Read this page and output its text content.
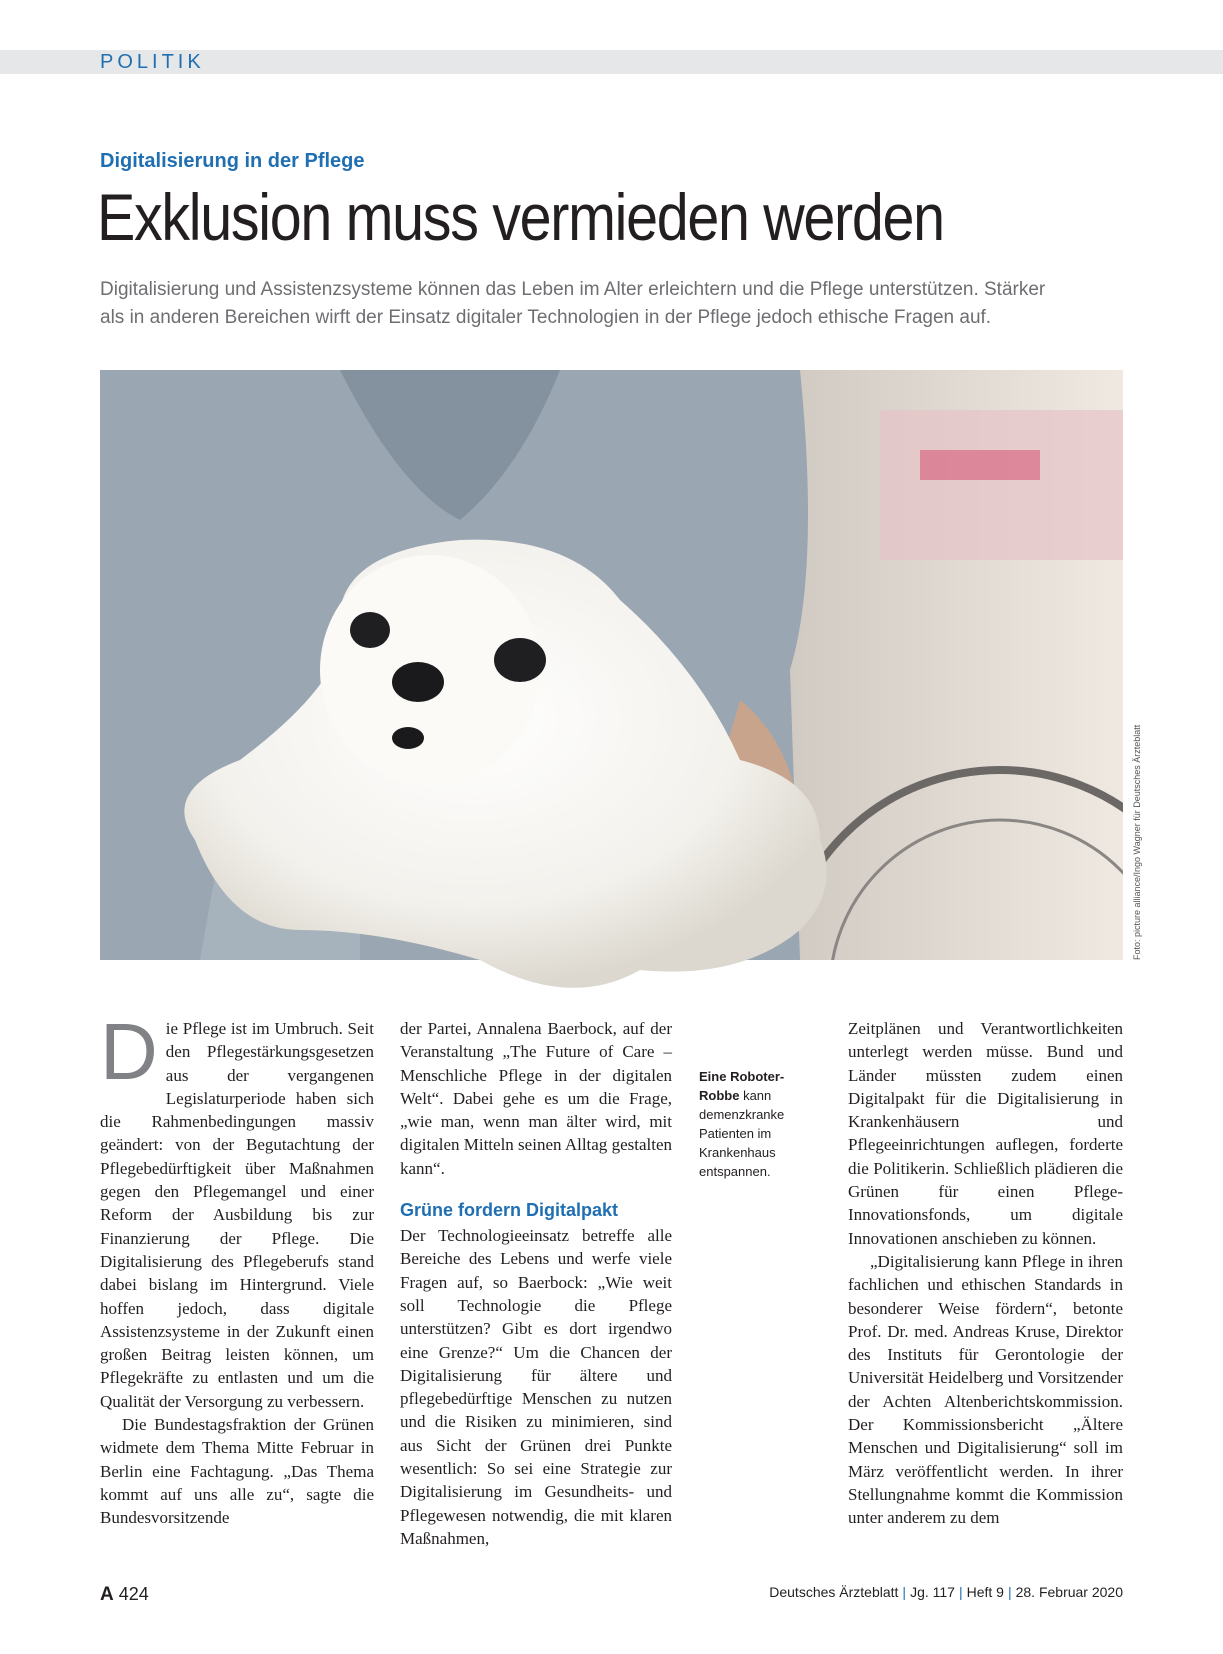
POLITIK
Digitalisierung in der Pflege
Exklusion muss vermieden werden
Digitalisierung und Assistenzsysteme können das Leben im Alter erleichtern und die Pflege unterstützen. Stärker
als in anderen Bereichen wirft der Einsatz digitaler Technologien in der Pflege jedoch ethische Fragen auf.
Foto: picture alliance/Ingo Wagner für Deutsches Ärzteblatt
D ie Pflege ist im Umbruch. Seit den Pflegestärkungsgesetzen aus der vergangenen Legislaturperiode haben sich die Rahmenbedingungen massiv geändert: von der Begutachtung der Pflegebedürftigkeit über Maßnahmen gegen den Pflegemangel und einer Reform der Ausbildung bis zur Finanzierung der Pflege. Die Digitalisierung des Pflegeberufs stand dabei bislang im Hintergrund. Viele hoffen jedoch, dass digitale Assistenzsysteme in der Zukunft einen großen Beitrag leisten können, um Pflegekräfte zu entlasten und um die Qualität der Versorgung zu verbessern.

Die Bundestagsfraktion der Grünen widmete dem Thema Mitte Februar in Berlin eine Fachtagung. „Das Thema kommt auf uns alle zu“, sagte die Bundesvorsitzende

der Partei, Annalena Baerbock, auf der Veranstaltung „The Future of Care – Menschliche Pflege in der digitalen Welt“. Dabei gehe es um die Frage, „wie man, wenn man älter wird, mit digitalen Mitteln seinen Alltag gestalten kann“.

Grüne fordern Digitalpakt

Der Technologieeinsatz betreffe alle Bereiche des Lebens und werfe viele Fragen auf, so Baerbock: „Wie weit soll Technologie die Pflege unterstützen? Gibt es dort irgendwo eine Grenze?“ Um die Chancen der Digitalisierung für ältere und pflegebedürftige Menschen zu nutzen und die Risiken zu minimieren, sind aus Sicht der Grünen drei Punkte wesentlich: So sei eine Strategie zur Digitalisierung im Gesundheits- und Pflegewesen notwendig, die mit klaren Maßnahmen,

Eine Roboter-Robbe kann demenzkranke Patienten im Krankenhaus entspannen.

Zeitplänen und Verantwortlichkeiten unterlegt werden müsse. Bund und Länder müssten zudem einen Digitalpakt für die Digitalisierung in Krankenhäusern und Pflegeeinrichtungen auflegen, forderte die Politikerin. Schließlich plädieren die Grünen für einen Pflege-Innovationsfonds, um digitale Innovationen anschieben zu können.

„Digitalisierung kann Pflege in ihren fachlichen und ethischen Standards in besonderer Weise fördern“, betonte Prof. Dr. med. Andreas Kruse, Direktor des Instituts für Gerontologie der Universität Heidelberg und Vorsitzender der Achten Altenberichtskommission. Der Kommissionsbericht „Ältere Menschen und Digitalisierung“ soll im März veröffentlicht werden. In ihrer Stellungnahme kommt die Kommission unter anderem zu dem

A 424	Deutsches Ärzteblatt | Jg. 117 | Heft 9 | 28. Februar 2020
